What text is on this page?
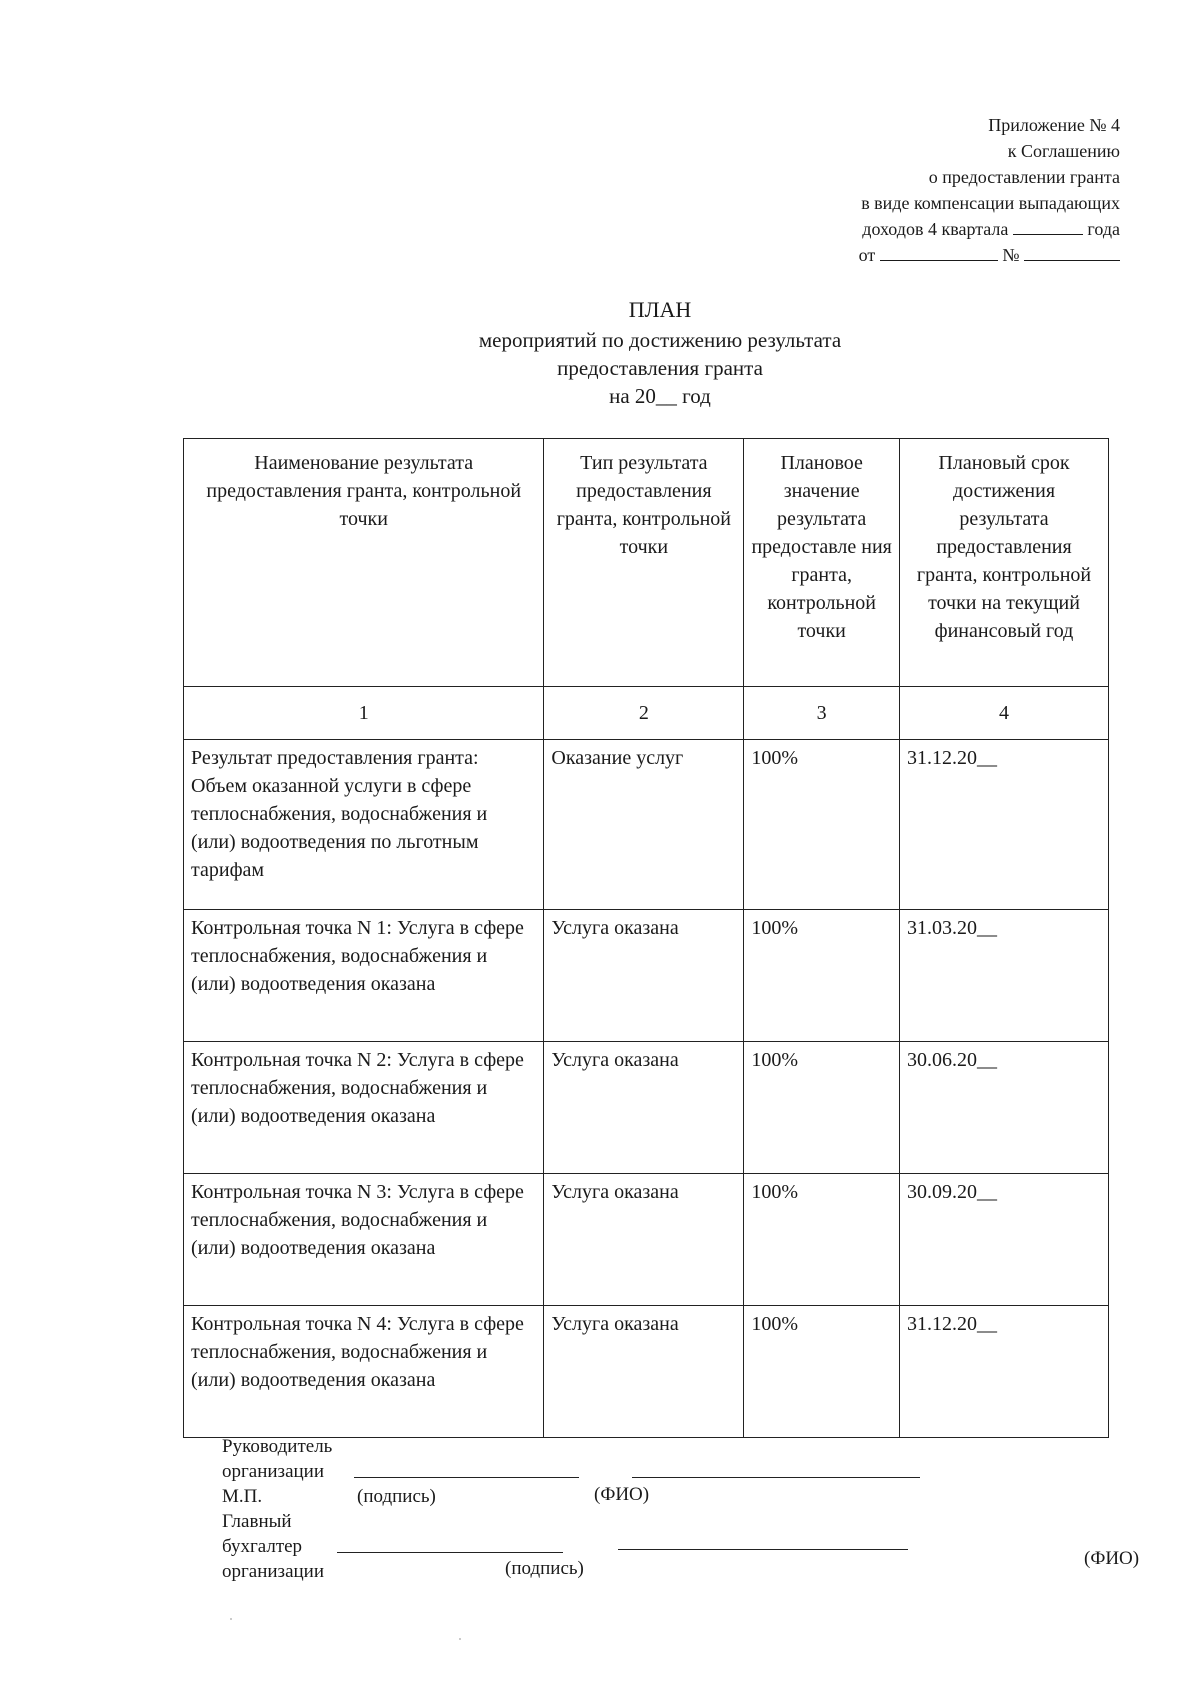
Приложение № 4
к Соглашению
о предоставлении гранта
в виде компенсации выпадающих
доходов 4 квартала	года
от	№
ПЛАН
мероприятий по достижению результата
предоставления гранта
на 20__ год
Наименование результата предоставления гранта, контрольной точки	Тип результата предоставления гранта, контрольной точки	Плановое значение результата предоставле ния гранта, контрольной точки	Плановый срок достижения результата предоставления гранта, контрольной точки на текущий финансовый год
1	2	3	4
Результат предоставления гранта: Объем оказанной услуги в сфере теплоснабжения, водоснабжения и (или) водоотведения по льготным тарифам	Оказание услуг	100%	31.12.20__
Контрольная точка N 1: Услуга в сфере теплоснабжения, водоснабжения и (или) водоотведения оказана	Услуга оказана	100%	31.03.20__
Контрольная точка N 2: Услуга в сфере теплоснабжения, водоснабжения и (или) водоотведения оказана	Услуга оказана	100%	30.06.20__
Контрольная точка N 3: Услуга в сфере теплоснабжения, водоснабжения и (или) водоотведения оказана	Услуга оказана	100%	30.09.20__
Контрольная точка N 4: Услуга в сфере теплоснабжения, водоснабжения и (или) водоотведения оказана	Услуга оказана	100%	31.12.20__
Руководитель
организации
М.П.	(подпись)	(ФИО)
Главный
бухгалтер
организации	(подпись)	(ФИО)
